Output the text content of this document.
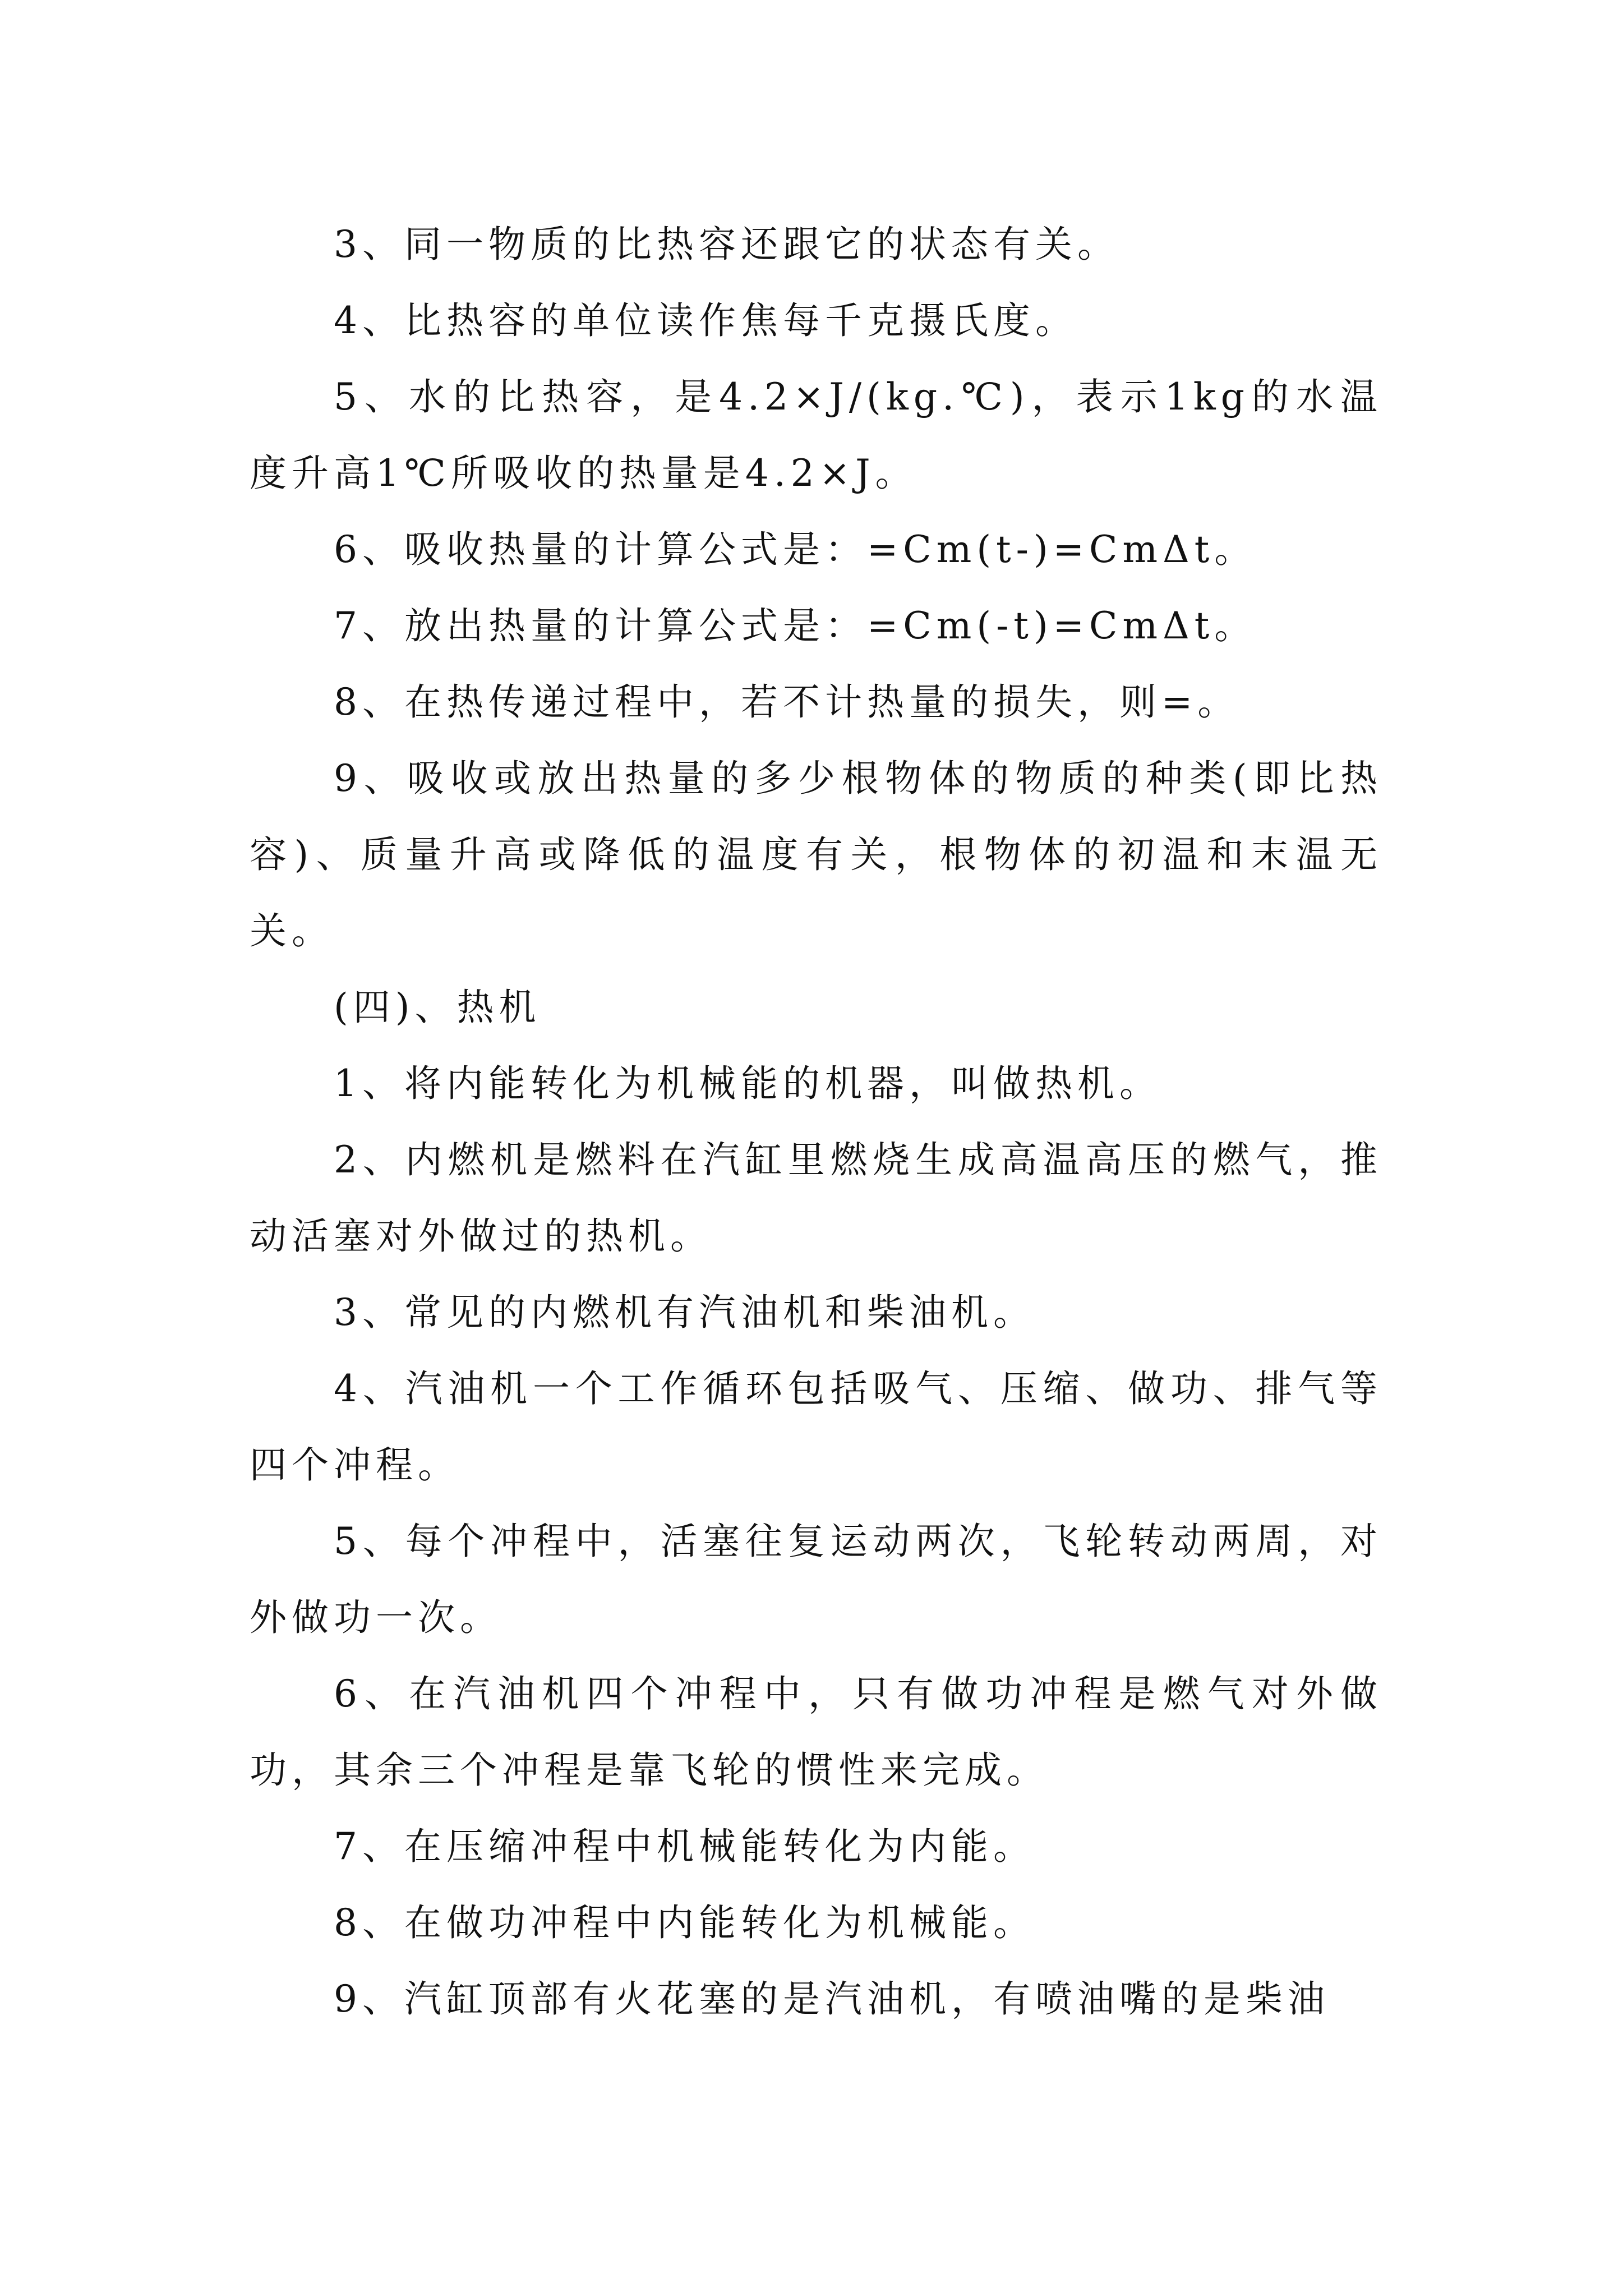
3、同一物质的比热容还跟它的状态有关。

4、比热容的单位读作焦每千克摄氏度。

5、水的比热容，是4.2×J/(kg.℃)，表示1kg的水温度升高1℃所吸收的热量是4.2×J。

6、吸收热量的计算公式是：=Cm(t-)=CmΔt。

7、放出热量的计算公式是：=Cm(-t)=CmΔt。

8、在热传递过程中，若不计热量的损失，则=。

9、吸收或放出热量的多少根物体的物质的种类(即比热容)、质量升高或降低的温度有关，根物体的初温和末温无关。

(四)、热机

1、将内能转化为机械能的机器，叫做热机。

2、内燃机是燃料在汽缸里燃烧生成高温高压的燃气，推动活塞对外做过的热机。

3、常见的内燃机有汽油机和柴油机。

4、汽油机一个工作循环包括吸气、压缩、做功、排气等四个冲程。

5、每个冲程中，活塞往复运动两次，飞轮转动两周，对外做功一次。

6、在汽油机四个冲程中，只有做功冲程是燃气对外做功，其余三个冲程是靠飞轮的惯性来完成。

7、在压缩冲程中机械能转化为内能。

8、在做功冲程中内能转化为机械能。

9、汽缸顶部有火花塞的是汽油机，有喷油嘴的是柴油
